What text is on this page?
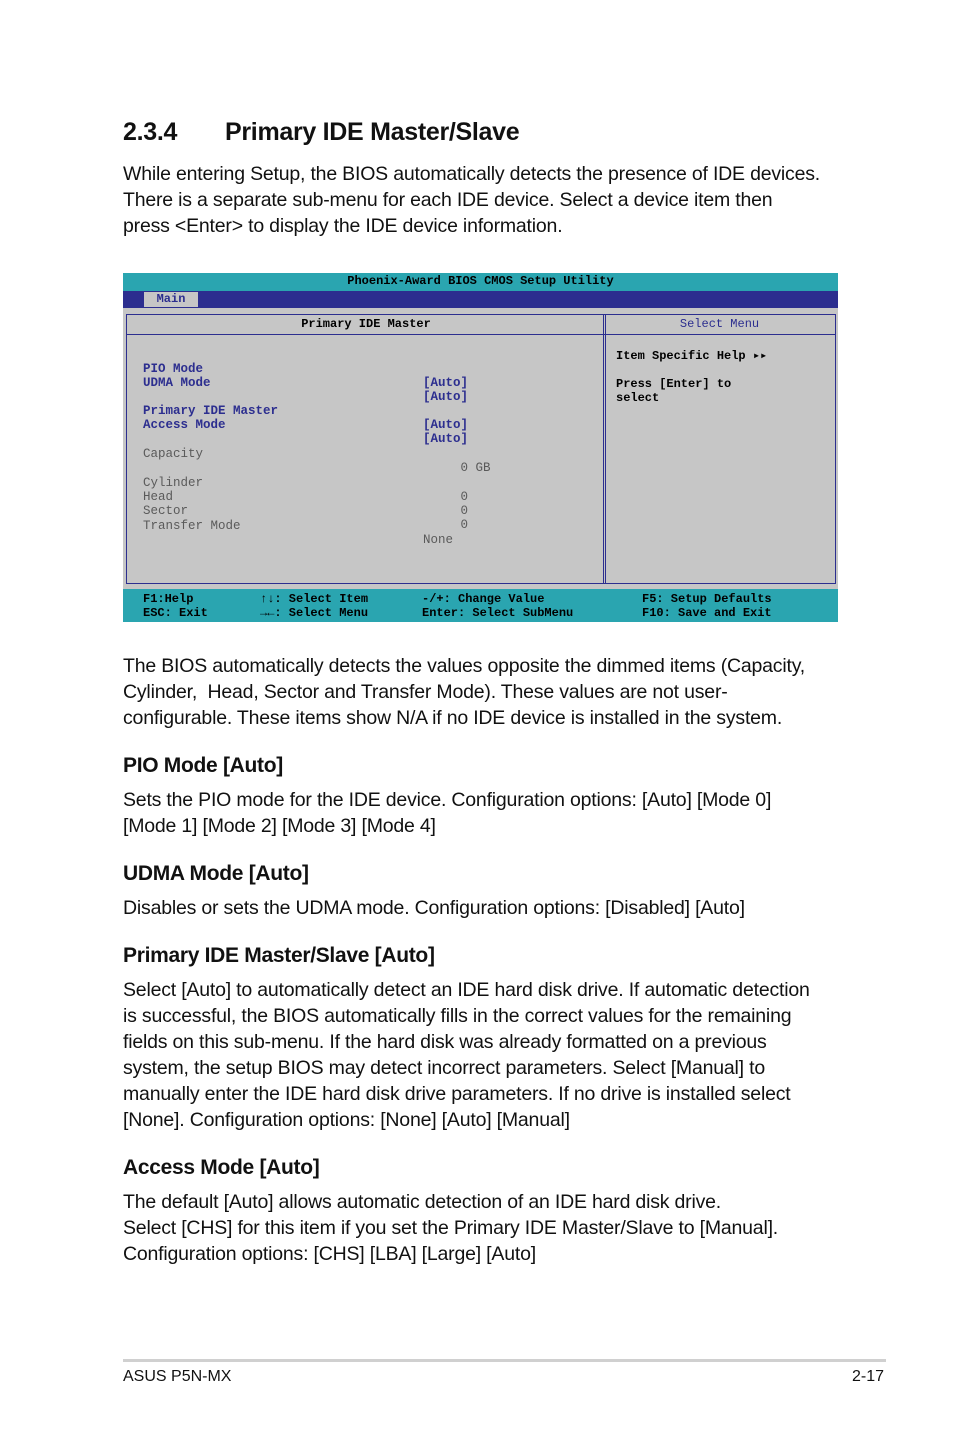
2.3.4 Primary IDE Master/Slave

While entering Setup, the BIOS automatically detects the presence of IDE devices.

There is a separate sub-menu for each IDE device. Select a device item then

press <Enter> to display the IDE device information.

Phoenix-Award BIOS CMOS Setup Utility
Main
Primary IDE Master

PIO Mode

[Auto]

UDMA Mode

[Auto]

Primary IDE Master

[Auto]

Access Mode

[Auto]

Capacity

0 GB

Cylinder

0

Head

0

Sector

0

Transfer Mode

None

Select Menu
Item Specific Help ▸▸
Press [Enter] to
select
F1:Help
ESC: Exit
↑↓: Select Item
→←: Select Menu
-/+: Change Value
Enter: Select SubMenu
F5: Setup Defaults
F10: Save and Exit

The BIOS automatically detects the values opposite the dimmed items (Capacity,

Cylinder,  Head, Sector and Transfer Mode). These values are not user-

configurable. These items show N/A if no IDE device is installed in the system.

PIO Mode [Auto]

Sets the PIO mode for the IDE device. Configuration options: [Auto] [Mode 0]

[Mode 1] [Mode 2] [Mode 3] [Mode 4]

UDMA Mode [Auto]

Disables or sets the UDMA mode. Configuration options: [Disabled] [Auto]

Primary IDE Master/Slave [Auto]

Select [Auto] to automatically detect an IDE hard disk drive. If automatic detection

is successful, the BIOS automatically fills in the correct values for the remaining

fields on this sub-menu. If the hard disk was already formatted on a previous

system, the setup BIOS may detect incorrect parameters. Select [Manual] to

manually enter the IDE hard disk drive parameters. If no drive is installed select

[None]. Configuration options: [None] [Auto] [Manual]

Access Mode [Auto]

The default [Auto] allows automatic detection of an IDE hard disk drive.

Select [CHS] for this item if you set the Primary IDE Master/Slave to [Manual].

Configuration options: [CHS] [LBA] [Large] [Auto]

ASUS P5N-MX	2-17
